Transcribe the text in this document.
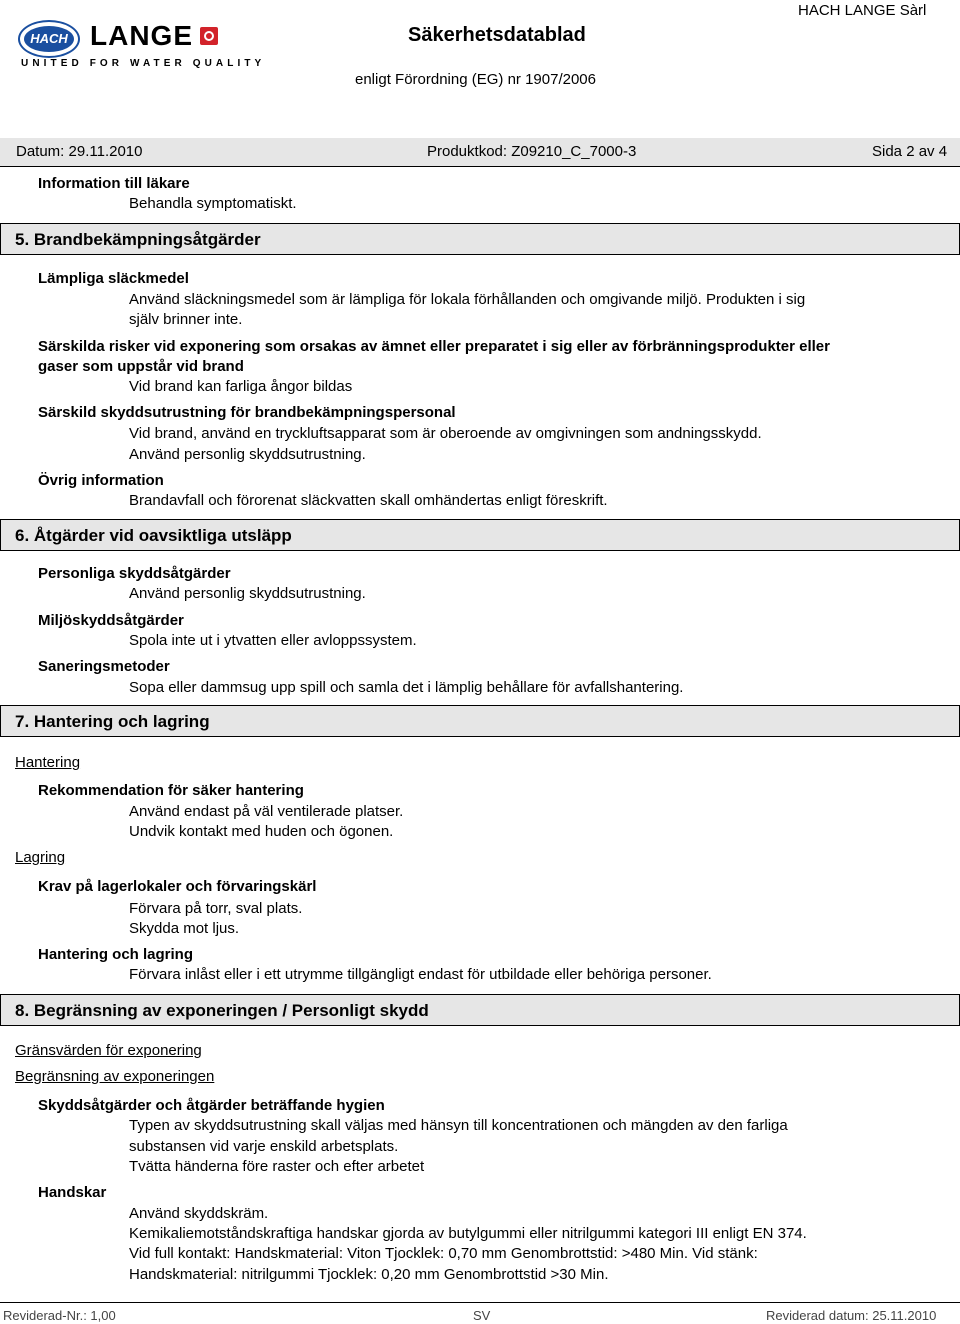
HACH LANGE
UNITED FOR WATER QUALITY
Säkerhetsdatablad
HACH LANGE Sàrl
enligt Förordning (EG) nr 1907/2006
Datum: 29.11.2010	Produktkod: Z09210_C_7000-3	Sida 2 av 4
Information till läkare
Behandla symptomatiskt.
5. Brandbekämpningsåtgärder
Lämpliga släckmedel
Använd släckningsmedel som är lämpliga för lokala förhållanden och omgivande miljö. Produkten i sig
själv brinner inte.
Särskilda risker vid exponering som orsakas av ämnet eller preparatet i sig eller av förbränningsprodukter eller
gaser som uppstår vid brand
Vid brand kan farliga ångor bildas
Särskild skyddsutrustning för brandbekämpningspersonal
Vid brand, använd en tryckluftsapparat som är oberoende av omgivningen som andningsskydd.
Använd personlig skyddsutrustning.
Övrig information
Brandavfall och förorenat släckvatten skall omhändertas enligt föreskrift.
6. Åtgärder vid oavsiktliga utsläpp
Personliga skyddsåtgärder
Använd personlig skyddsutrustning.
Miljöskyddsåtgärder
Spola inte ut i ytvatten eller avloppssystem.
Saneringsmetoder
Sopa eller dammsug upp spill och samla det i lämplig behållare för avfallshantering.
7. Hantering och lagring
Hantering
Rekommendation för säker hantering
Använd endast på väl ventilerade platser.
Undvik kontakt med huden och ögonen.
Lagring
Krav på lagerlokaler och förvaringskärl
Förvara på torr, sval plats.
Skydda mot ljus.
Hantering och lagring
Förvara inlåst eller i ett utrymme tillgängligt endast för utbildade eller behöriga personer.
8. Begränsning av exponeringen / Personligt skydd
Gränsvärden för exponering
Begränsning av exponeringen
Skyddsåtgärder och åtgärder beträffande hygien
Typen av skyddsutrustning skall väljas med hänsyn till koncentrationen och mängden av den farliga
substansen vid varje enskild arbetsplats.
Tvätta händerna före raster och efter arbetet
Handskar
Använd skyddskräm.
Kemikaliemotståndskraftiga handskar gjorda av butylgummi eller nitrilgummi kategori III enligt EN 374.
Vid full kontakt: Handskmaterial: Viton Tjocklek: 0,70 mm Genombrottstid: >480 Min. Vid stänk:
Handskmaterial: nitrilgummi Tjocklek: 0,20 mm Genombrottstid >30 Min.
Reviderad-Nr.: 1,00	SV	Reviderad datum: 25.11.2010
